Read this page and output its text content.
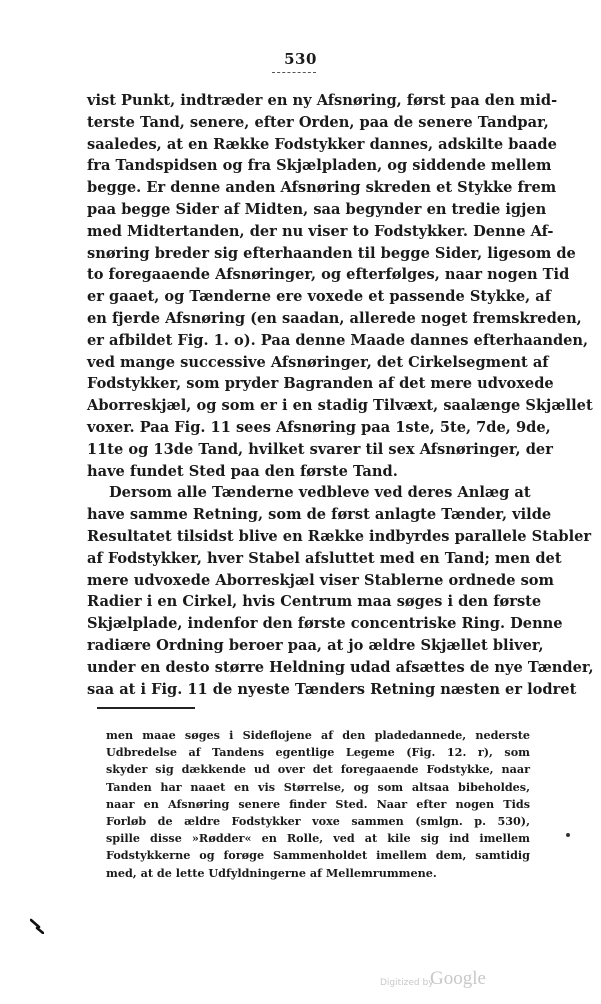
530
vist Punkt, indtræder en ny Afsnøring, først paa den mid-
terste Tand, senere, efter Orden, paa de senere Tandpar,
saaledes, at en Række Fodstykker dannes, adskilte baade
fra Tandspidsen og fra Skjælpladen, og siddende mellem
begge. Er denne anden Afsnøring skreden et Stykke frem
paa begge Sider af Midten, saa begynder en tredie igjen
med Midtertanden, der nu viser to Fodstykker. Denne Af-
snøring breder sig efterhaanden til begge Sider, ligesom de
to foregaaende Afsnøringer, og efterfølges, naar nogen Tid
er gaaet, og Tænderne ere voxede et passende Stykke, af
en fjerde Afsnøring (en saadan, allerede noget fremskreden,
er afbildet Fig. 1. o). Paa denne Maade dannes efterhaanden,
ved mange successive Afsnøringer, det Cirkelsegment af
Fodstykker, som pryder Bagranden af det mere udvoxede
Aborreskjæl, og som er i en stadig Tilvæxt, saalænge Skjællet
voxer. Paa Fig. 11 sees Afsnøring paa 1ste, 5te, 7de, 9de,
11te og 13de Tand, hvilket svarer til sex Afsnøringer, der
have fundet Sted paa den første Tand.
Dersom alle Tænderne vedbleve ved deres Anlæg at
have samme Retning, som de først anlagte Tænder, vilde
Resultatet tilsidst blive en Række indbyrdes parallele Stabler
af Fodstykker, hver Stabel afsluttet med en Tand; men det
mere udvoxede Aborreskjæl viser Stablerne ordnede som
Radier i en Cirkel, hvis Centrum maa søges i den første
Skjælplade, indenfor den første concentriske Ring. Denne
radiære Ordning beroer paa, at jo ældre Skjællet bliver,
under en desto større Heldning udad afsættes de nye Tænder,
saa at i Fig. 11 de nyeste Tænders Retning næsten er lodret
men maae søges i Sideflojene af den pladedannede, nederste
Udbredelse af Tandens egentlige Legeme (Fig. 12. r), som
skyder sig dækkende ud over det foregaaende Fodstykke, naar
Tanden har naaet en vis Størrelse, og som altsaa bibeholdes,
naar en Afsnøring senere finder Sted. Naar efter nogen Tids
Forløb de ældre Fodstykker voxe sammen (smlgn. p. 530),
spille disse »Rødder« en Rolle, ved at kile sig ind imellem
Fodstykkerne og forøge Sammenholdet imellem dem, samtidig
med, at de lette Udfyldningerne af Mellemrummene.
Digitized by
Google
